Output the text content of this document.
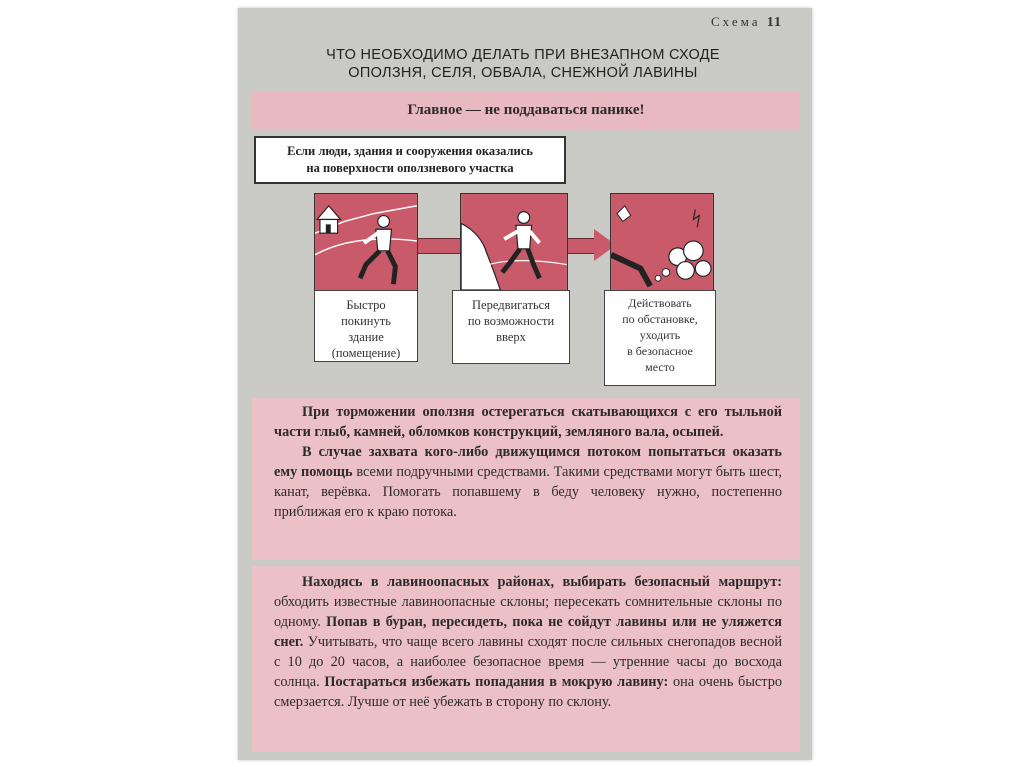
Схема 11
ЧТО НЕОБХОДИМО ДЕЛАТЬ ПРИ ВНЕЗАПНОМ СХОДЕ
ОПОЛЗНЯ, СЕЛЯ, ОБВАЛА, СНЕЖНОЙ ЛАВИНЫ
Главное — не поддаваться панике!
Если люди, здания и сооружения оказались
на поверхности оползневого участка
Быстро
покинуть
здание
(помещение)
Передвигаться
по возможности
вверх
Действовать
по обстановке,
уходить
в безопасное
место

При торможении оползня остерегаться скатывающихся с его тыльной части глыб, камней, обломков конструкций, земляного вала, осыпей.

В случае захвата кого-либо движущимся потоком попытаться оказать ему помощь всеми подручными средствами. Такими средствами могут быть шест, канат, верёвка. Помогать попавшему в беду человеку нужно, постепенно приближая его к краю потока.

Находясь в лавиноопасных районах, выбирать безопасный маршрут: обходить известные лавиноопасные склоны; пересекать сомнительные склоны по одному. Попав в буран, пересидеть, пока не сойдут лавины или не уляжется снег. Учитывать, что чаще всего лавины сходят после сильных снегопадов весной с 10 до 20 часов, а наиболее безопасное время — утренние часы до восхода солнца. Постараться избежать попадания в мокрую лавину: она очень быстро смерзается. Лучше от неё убежать в сторону по склону.
